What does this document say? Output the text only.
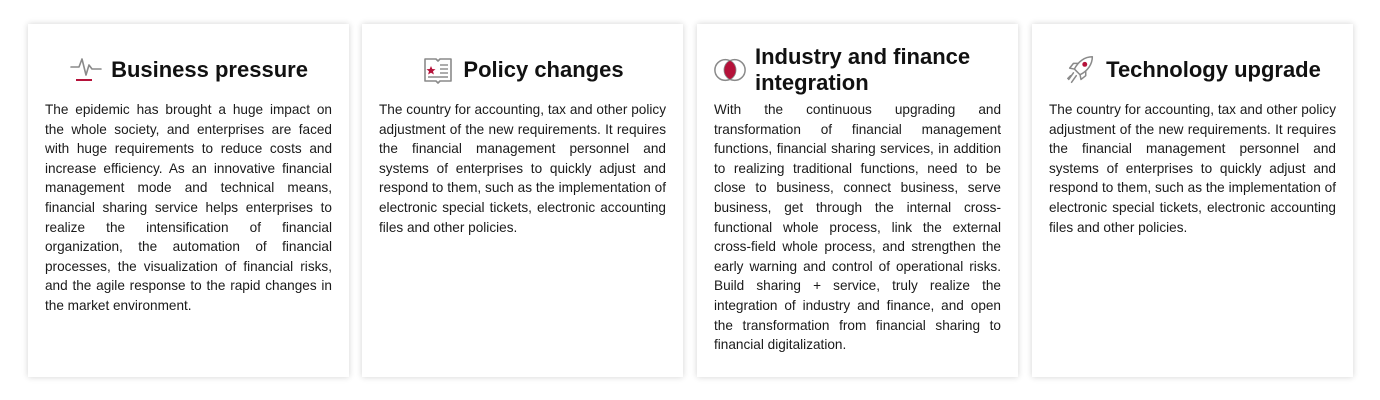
Business pressure

The epidemic has brought a huge impact on the whole society, and enterprises are faced with huge requirements to reduce costs and increase efficiency. As an innovative financial management mode and technical means, financial sharing service helps enterprises to realize the intensification of financial organization, the automation of financial processes, the visualization of financial risks, and the agile response to the rapid changes in the market environment.

Policy changes

The country for accounting, tax and other policy adjustment of the new requirements. It requires the financial management personnel and systems of enterprises to quickly adjust and respond to them, such as the implementation of electronic special tickets, electronic accounting files and other policies.

Industry and finance integration

With the continuous upgrading and transformation of financial management functions, financial sharing services, in addition to realizing traditional functions, need to be close to business, connect business, serve business, get through the internal cross-functional whole process, link the external cross-field whole process, and strengthen the early warning and control of operational risks. Build sharing + service, truly realize the integration of industry and finance, and open the transformation from financial sharing to financial digitalization.

Technology upgrade

The country for accounting, tax and other policy adjustment of the new requirements. It requires the financial management personnel and systems of enterprises to quickly adjust and respond to them, such as the implementation of electronic special tickets, electronic accounting files and other policies.
